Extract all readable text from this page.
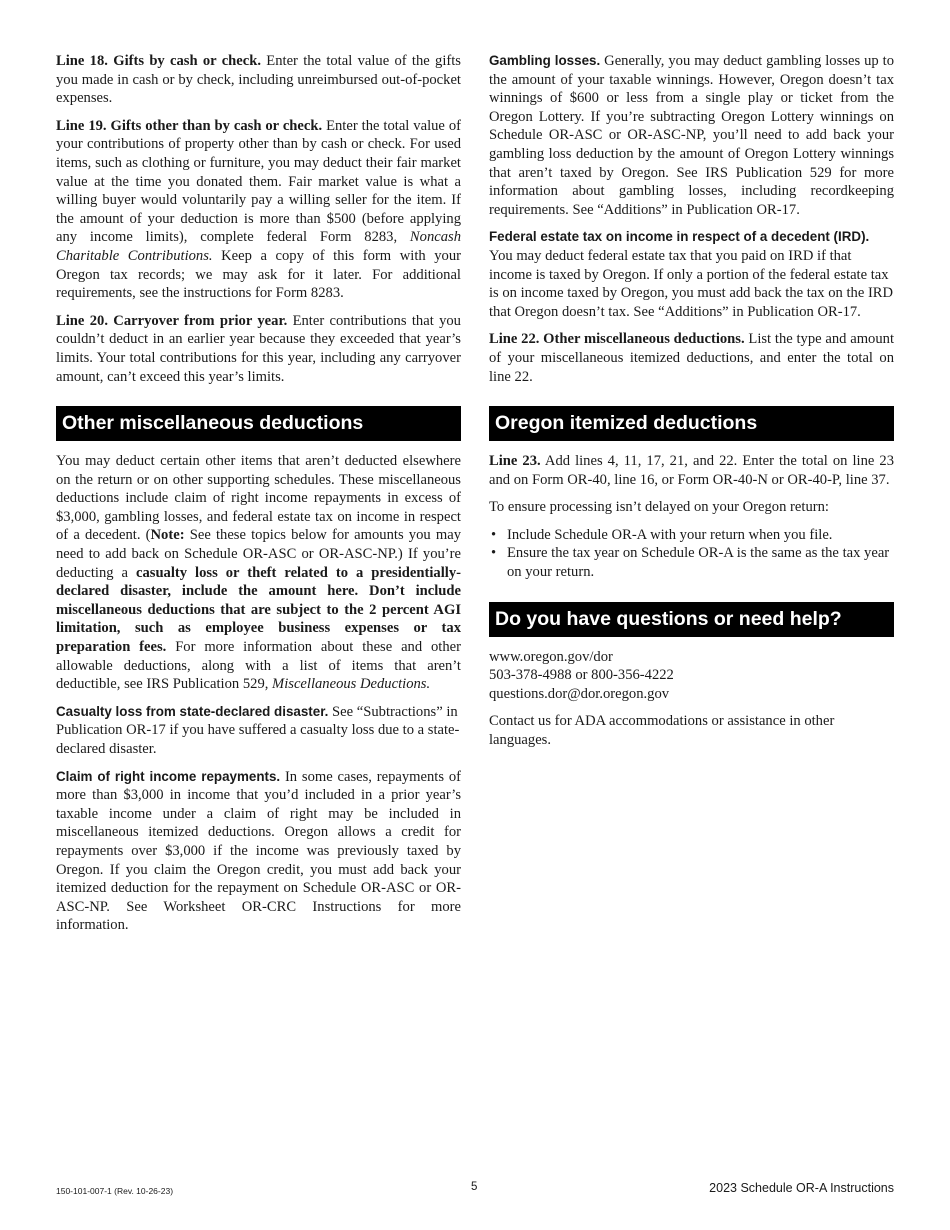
Line 18. Gifts by cash or check. Enter the total value of the gifts you made in cash or by check, including unreimbursed out-of-pocket expenses.

Line 19. Gifts other than by cash or check. Enter the total value of your contributions of property other than by cash or check. For used items, such as clothing or furniture, you may deduct their fair market value at the time you donated them. Fair market value is what a willing buyer would voluntarily pay a willing seller for the item. If the amount of your deduction is more than $500 (before applying any income limits), complete federal Form 8283, Noncash Charitable Contributions. Keep a copy of this form with your Oregon tax records; we may ask for it later. For additional requirements, see the instructions for Form 8283.

Line 20. Carryover from prior year. Enter contributions that you couldn’t deduct in an earlier year because they exceeded that year’s limits. Your total contributions for this year, including any carryover amount, can’t exceed this year’s limits.

Other miscellaneous deductions

You may deduct certain other items that aren’t deducted elsewhere on the return or on other supporting schedules. These miscellaneous deductions include claim of right income repayments in excess of $3,000, gambling losses, and federal estate tax on income in respect of a decedent. (Note: See these topics below for amounts you may need to add back on Schedule OR-ASC or OR-ASC-NP.) If you’re deducting a casualty loss or theft related to a presidentially-declared disaster, include the amount here. Don’t include miscellaneous deductions that are subject to the 2 percent AGI limitation, such as employee business expenses or tax preparation fees. For more information about these and other allowable deductions, along with a list of items that aren’t deductible, see IRS Publication 529, Miscellaneous Deductions.

Casualty loss from state-declared disaster. See “Subtractions” in Publication OR-17 if you have suffered a casualty loss due to a state-declared disaster.

Claim of right income repayments. In some cases, repayments of more than $3,000 in income that you’d included in a prior year’s taxable income under a claim of right may be included in miscellaneous itemized deductions. Oregon allows a credit for repayments over $3,000 if the income was previously taxed by Oregon. If you claim the Oregon credit, you must add back your itemized deduction for the repayment on Schedule OR-ASC or OR-ASC-NP. See Worksheet OR-CRC Instructions for more information.

Gambling losses. Generally, you may deduct gambling losses up to the amount of your taxable winnings. However, Oregon doesn’t tax winnings of $600 or less from a single play or ticket from the Oregon Lottery. If you’re subtracting Oregon Lottery winnings on Schedule OR-ASC or OR-ASC-NP, you’ll need to add back your gambling loss deduction by the amount of Oregon Lottery winnings that aren’t taxed by Oregon. See IRS Publication 529 for more information about gambling losses, including recordkeeping requirements. See “Additions” in Publication OR-17.

Federal estate tax on income in respect of a decedent (IRD). You may deduct federal estate tax that you paid on IRD if that income is taxed by Oregon. If only a portion of the federal estate tax is on income taxed by Oregon, you must add back the tax on the IRD that Oregon doesn’t tax. See “Additions” in Publication OR-17.

Line 22. Other miscellaneous deductions. List the type and amount of your miscellaneous itemized deductions, and enter the total on line 22.

Oregon itemized deductions

Line 23. Add lines 4, 11, 17, 21, and 22. Enter the total on line 23 and on Form OR-40, line 16, or Form OR-40-N or OR-40-P, line 37.

To ensure processing isn’t delayed on your Oregon return:

• Include Schedule OR-A with your return when you file.
• Ensure the tax year on Schedule OR-A is the same as the tax year on your return.
Do you have questions or need help?

www.oregon.gov/dor
503-378-4988 or 800-356-4222
questions.dor@dor.oregon.gov

Contact us for ADA accommodations or assistance in other languages.

150-101-007-1 (Rev. 10-26-23)	5	2023 Schedule OR-A Instructions
